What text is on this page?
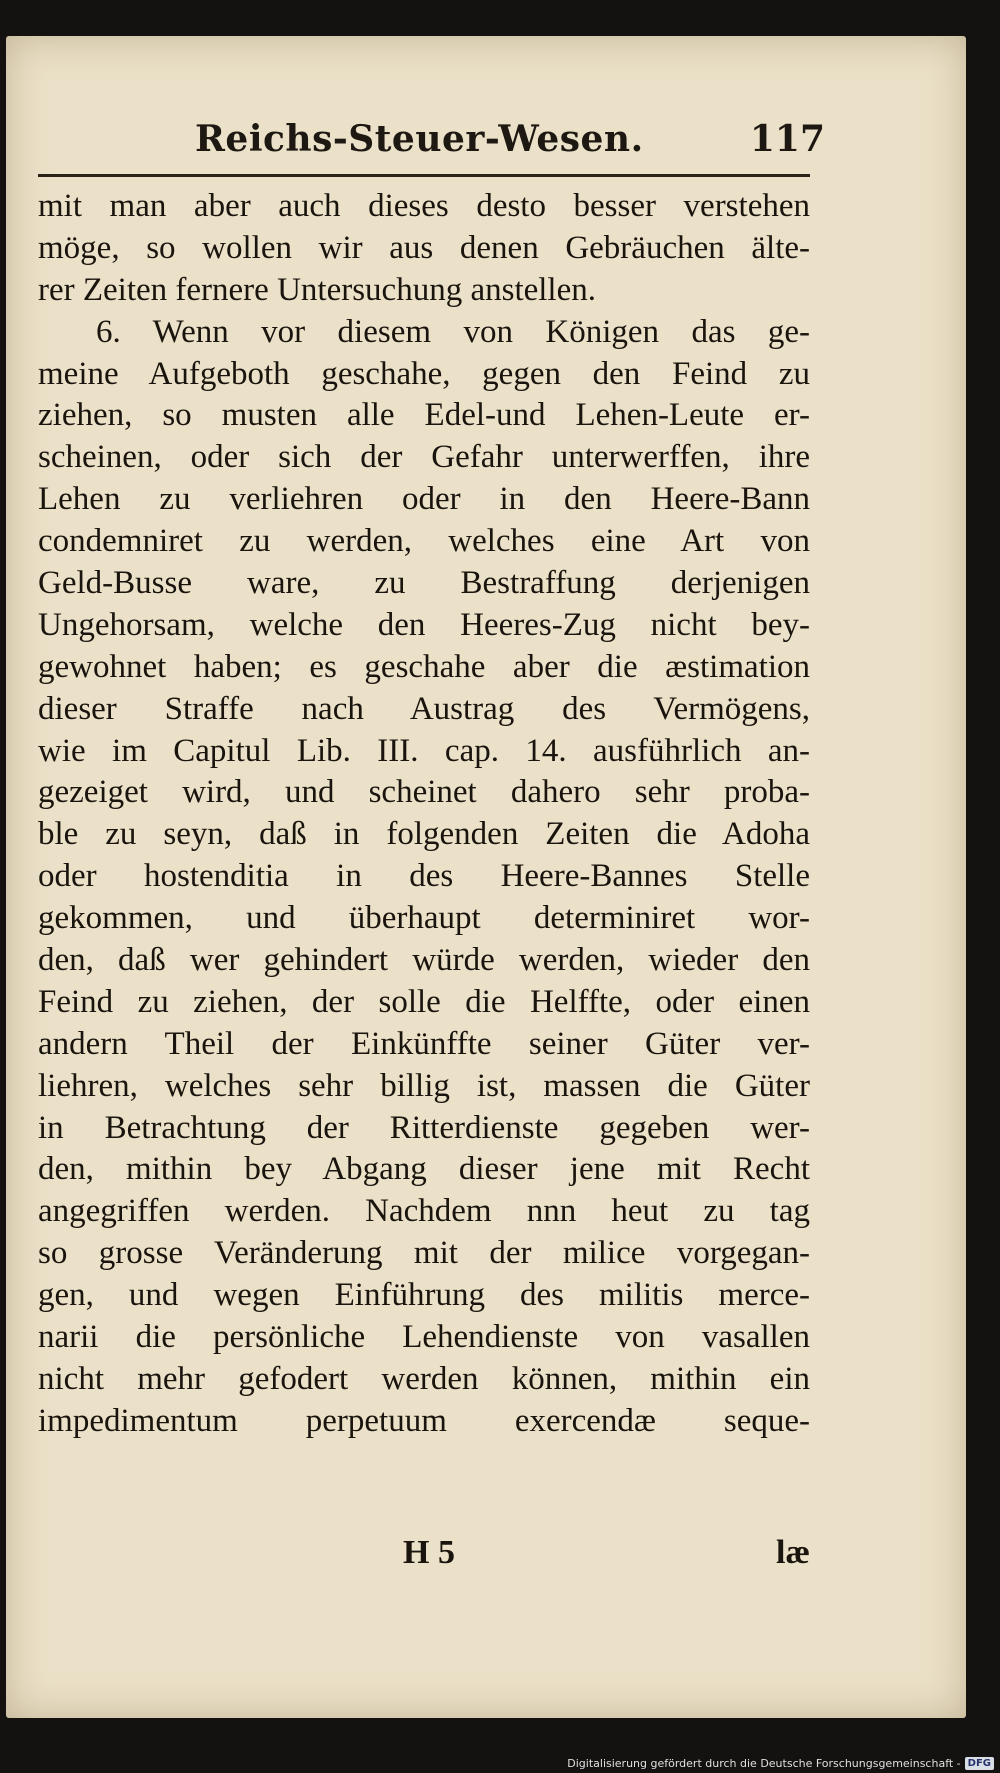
Reichs-Steuer-Wesen.	117
mit man aber auch dieses desto besser verstehen
möge, so wollen wir aus denen Gebräuchen älte-
rer Zeiten fernere Untersuchung anstellen.
6. Wenn vor diesem von Königen das ge-
meine Aufgeboth geschahe, gegen den Feind zu
ziehen, so musten alle Edel-und Lehen-Leute er-
scheinen, oder sich der Gefahr unterwerffen, ihre
Lehen zu verliehren oder in den Heere-Bann
condemniret zu werden, welches eine Art von
Geld-Busse ware, zu Bestraffung derjenigen
Ungehorsam, welche den Heeres-Zug nicht bey-
gewohnet haben; es geschahe aber die æstimation
dieser Straffe nach Austrag des Vermögens,
wie im Capitul Lib. III. cap. 14. ausführlich an-
gezeiget wird, und scheinet dahero sehr proba-
ble zu seyn, daß in folgenden Zeiten die Adoha
oder hostenditia in des Heere-Bannes Stelle
gekommen, und überhaupt determiniret wor-
den, daß wer gehindert würde werden, wieder den
Feind zu ziehen, der solle die Helffte, oder einen
andern Theil der Einkünffte seiner Güter ver-
liehren, welches sehr billig ist, massen die Güter
in Betrachtung der Ritterdienste gegeben wer-
den, mithin bey Abgang dieser jene mit Recht
angegriffen werden. Nachdem nnn heut zu tag
so grosse Veränderung mit der milice vorgegan-
gen, und wegen Einführung des militis merce-
narii die persönliche Lehendienste von vasallen
nicht mehr gefodert werden können, mithin ein
impedimentum perpetuum exercendæ seque-
H 5	læ
Digitalisierung gefördert durch die Deutsche Forschungsgemeinschaft - DFG
